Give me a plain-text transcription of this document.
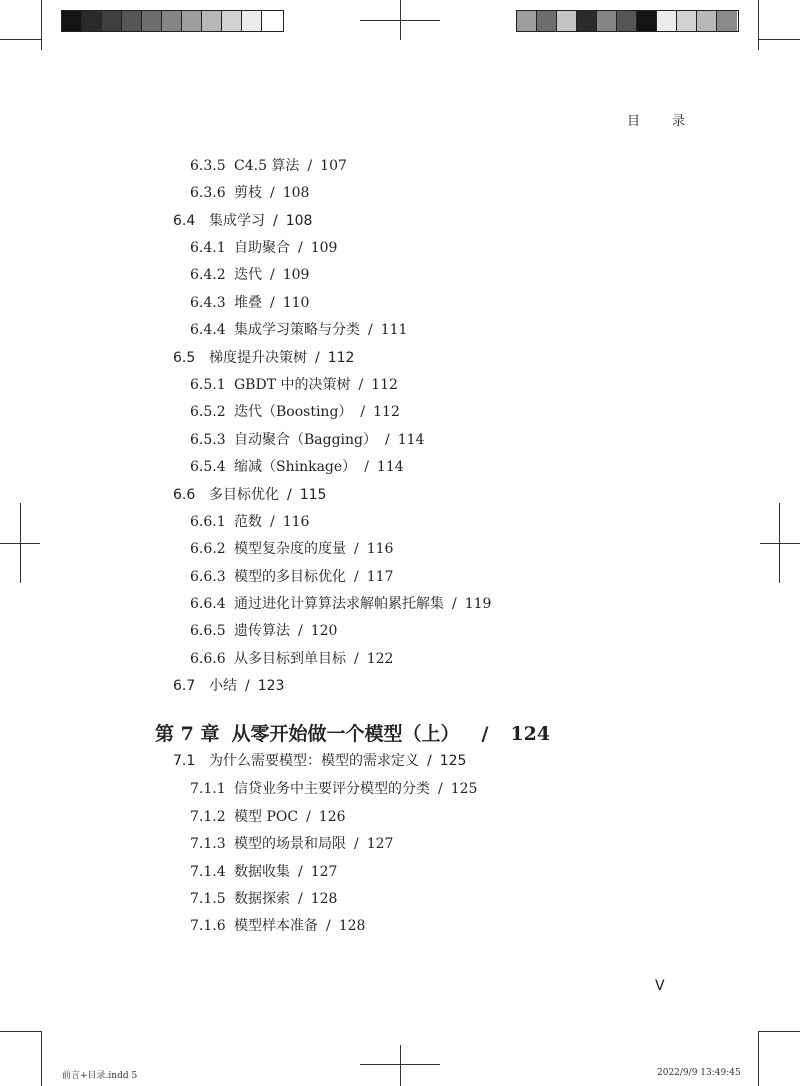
目 录
6.3.5 C4.5 算法 / 107
6.3.6 剪枝 / 108
6.4 集成学习 / 108
6.4.1 自助聚合 / 109
6.4.2 迭代 / 109
6.4.3 堆叠 / 110
6.4.4 集成学习策略与分类 / 111
6.5 梯度提升决策树 / 112
6.5.1 GBDT 中的决策树 / 112
6.5.2 迭代（Boosting） / 112
6.5.3 自动聚合（Bagging） / 114
6.5.4 缩减（Shinkage） / 114
6.6 多目标优化 / 115
6.6.1 范数 / 116
6.6.2 模型复杂度的度量 / 116
6.6.3 模型的多目标优化 / 117
6.6.4 通过进化计算算法求解帕累托解集 / 119
6.6.5 遗传算法 / 120
6.6.6 从多目标到单目标 / 122
6.7 小结 / 123
第 7 章 从零开始做一个模型（上） / 124
7.1 为什么需要模型：模型的需求定义 / 125
7.1.1 信贷业务中主要评分模型的分类 / 125
7.1.2 模型 POC / 126
7.1.3 模型的场景和局限 / 127
7.1.4 数据收集 / 127
7.1.5 数据探索 / 128
7.1.6 模型样本准备 / 128
V
前言+目录.indd 5	2022/9/9 13:49:45
